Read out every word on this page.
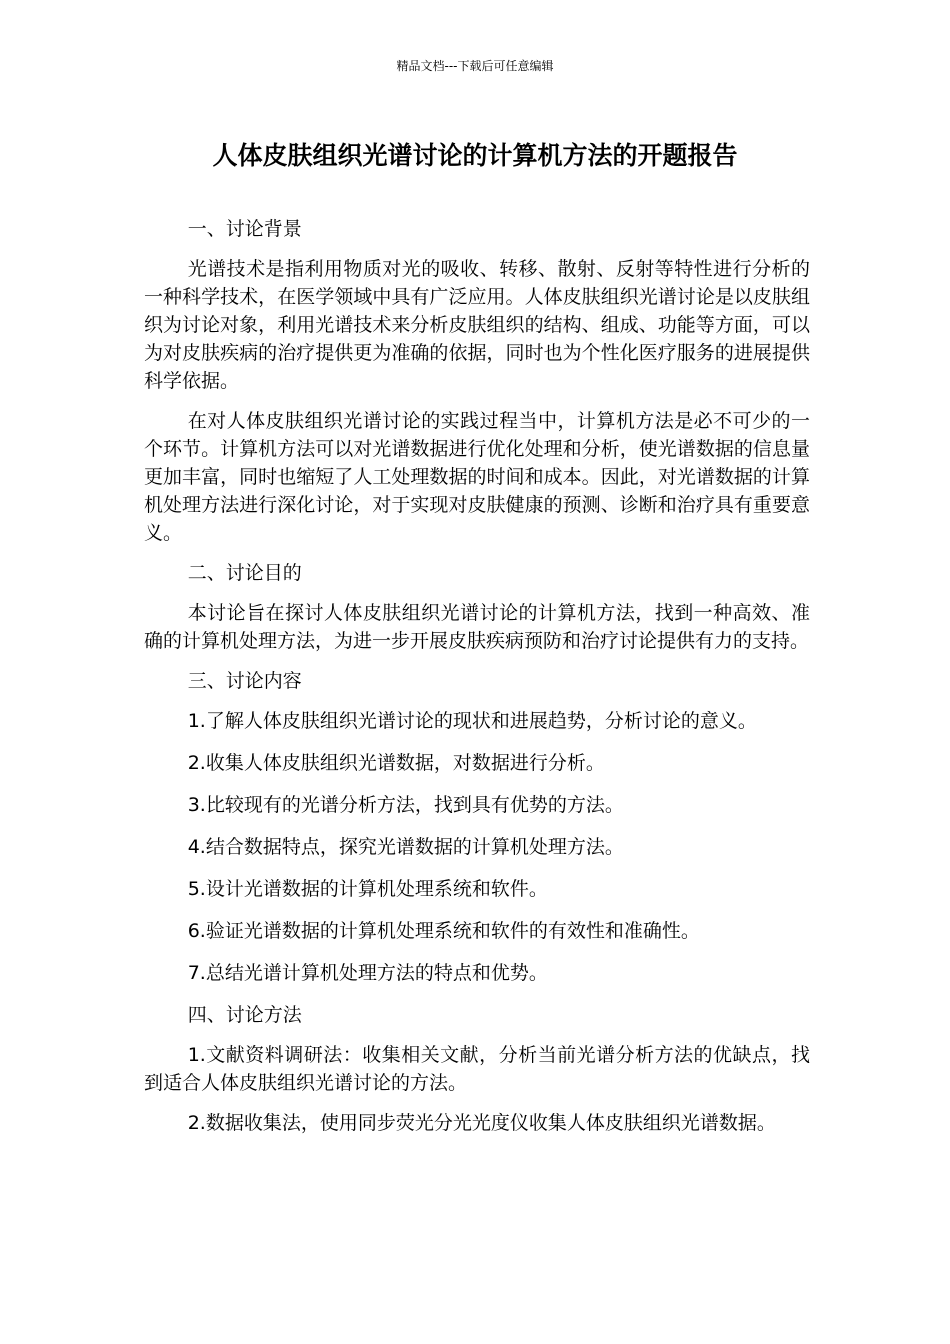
精品文档---下载后可任意编辑
人体皮肤组织光谱讨论的计算机方法的开题报告

一、讨论背景

光谱技术是指利用物质对光的吸收、转移、散射、反射等特性进行分析的一种科学技术，在医学领域中具有广泛应用。人体皮肤组织光谱讨论是以皮肤组织为讨论对象，利用光谱技术来分析皮肤组织的结构、组成、功能等方面，可以为对皮肤疾病的治疗提供更为准确的依据，同时也为个性化医疗服务的进展提供科学依据。

在对人体皮肤组织光谱讨论的实践过程当中，计算机方法是必不可少的一个环节。计算机方法可以对光谱数据进行优化处理和分析，使光谱数据的信息量更加丰富，同时也缩短了人工处理数据的时间和成本。因此，对光谱数据的计算机处理方法进行深化讨论，对于实现对皮肤健康的预测、诊断和治疗具有重要意义。

二、讨论目的

本讨论旨在探讨人体皮肤组织光谱讨论的计算机方法，找到一种高效、准确的计算机处理方法，为进一步开展皮肤疾病预防和治疗讨论提供有力的支持。

三、讨论内容

1.了解人体皮肤组织光谱讨论的现状和进展趋势，分析讨论的意义。

2.收集人体皮肤组织光谱数据，对数据进行分析。

3.比较现有的光谱分析方法，找到具有优势的方法。

4.结合数据特点，探究光谱数据的计算机处理方法。

5.设计光谱数据的计算机处理系统和软件。

6.验证光谱数据的计算机处理系统和软件的有效性和准确性。

7.总结光谱计算机处理方法的特点和优势。

四、讨论方法

1.文献资料调研法：收集相关文献，分析当前光谱分析方法的优缺点，找到适合人体皮肤组织光谱讨论的方法。

2.数据收集法，使用同步荧光分光光度仪收集人体皮肤组织光谱数据。
